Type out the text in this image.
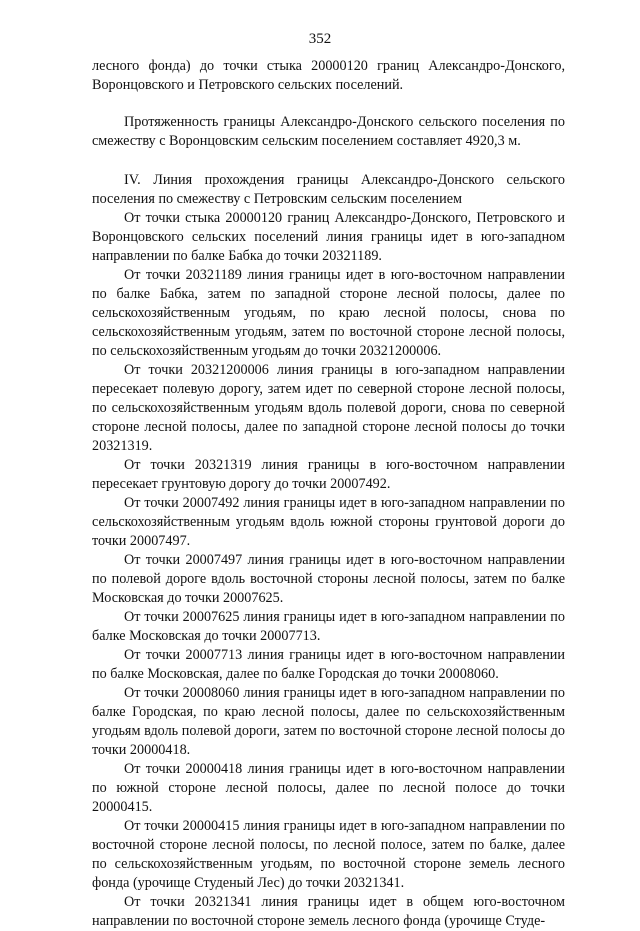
352

лесного фонда) до точки стыка 20000120 границ Александро-Донского, Воронцовского и Петровского сельских поселений.

Протяженность границы Александро-Донского сельского поселения по смежеству с Воронцовским сельским поселением составляет 4920,3 м.

IV. Линия прохождения границы Александро-Донского сельского поселения по смежеству с Петровским сельским поселением

От точки стыка 20000120 границ Александро-Донского, Петровского и Воронцовского сельских поселений линия границы идет в юго-западном направлении по балке Бабка до точки 20321189.

От точки 20321189 линия границы идет в юго-восточном направлении по балке Бабка, затем по западной стороне лесной полосы, далее по сельскохозяйственным угодьям, по краю лесной полосы, снова по сельскохозяйственным угодьям, затем по восточной стороне лесной полосы, по сельскохозяйственным угодьям до точки 20321200006.

От точки 20321200006 линия границы в юго-западном направлении пересекает полевую дорогу, затем идет по северной стороне лесной полосы, по сельскохозяйственным угодьям вдоль полевой дороги, снова по северной стороне лесной полосы, далее по западной стороне лесной полосы до точки 20321319.

От точки 20321319 линия границы в юго-восточном направлении пересекает грунтовую дорогу до точки 20007492.

От точки 20007492 линия границы идет в юго-западном направлении по сельскохозяйственным угодьям вдоль южной стороны грунтовой дороги до точки 20007497.

От точки 20007497 линия границы идет в юго-восточном направлении по полевой дороге вдоль восточной стороны лесной полосы, затем по балке Московская до точки 20007625.

От точки 20007625 линия границы идет в юго-западном направлении по балке Московская до точки 20007713.

От точки 20007713 линия границы идет в юго-восточном направлении по балке Московская, далее по балке Городская до точки 20008060.

От точки 20008060 линия границы идет в юго-западном направлении по балке Городская, по краю лесной полосы, далее по сельскохозяйственным угодьям вдоль полевой дороги, затем по восточной стороне лесной полосы до точки 20000418.

От точки 20000418 линия границы идет в юго-восточном направлении по южной стороне лесной полосы, далее по лесной полосе до точки 20000415.

От точки 20000415 линия границы идет в юго-западном направлении по восточной стороне лесной полосы, по лесной полосе, затем по балке, далее по сельскохозяйственным угодьям, по восточной стороне земель лесного фонда (урочище Студеный Лес) до точки 20321341.

От точки 20321341 линия границы идет в общем юго-восточном направлении по восточной стороне земель лесного фонда (урочище Студе-
